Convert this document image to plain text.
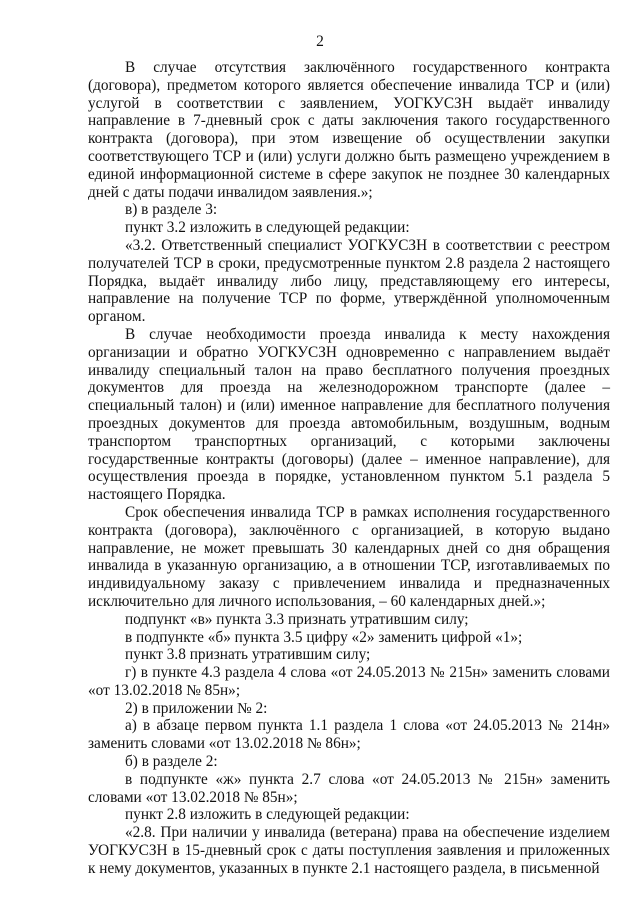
2

В случае отсутствия заключённого государственного контракта (договора), предметом которого является обеспечение инвалида ТСР и (или) услугой в соответствии с заявлением, УОГКУСЗН выдаёт инвалиду направление в 7-дневный срок с даты заключения такого государственного контракта (договора), при этом извещение об осуществлении закупки соответствующего ТСР и (или) услуги должно быть размещено учреждением в единой информационной системе в сфере закупок не позднее 30 календарных дней с даты подачи инвалидом заявления.»;

в) в разделе 3:

пункт 3.2 изложить в следующей редакции:

«3.2. Ответственный специалист УОГКУСЗН в соответствии с реестром получателей ТСР в сроки, предусмотренные пунктом 2.8 раздела 2 настоящего Порядка, выдаёт инвалиду либо лицу, представляющему его интересы, направление на получение ТСР по форме, утверждённой уполномоченным органом.

В случае необходимости проезда инвалида к месту нахождения организации и обратно УОГКУСЗН одновременно с направлением выдаёт инвалиду специальный талон на право бесплатного получения проездных документов для проезда на железнодорожном транспорте (далее – специальный талон) и (или) именное направление для бесплатного получения проездных документов для проезда автомобильным, воздушным, водным транспортом транспортных организаций, с которыми заключены государственные контракты (договоры) (далее – именное направление), для осуществления проезда в порядке, установленном пунктом 5.1 раздела 5 настоящего Порядка.

Срок обеспечения инвалида ТСР в рамках исполнения государственного контракта (договора), заключённого с организацией, в которую выдано направление, не может превышать 30 календарных дней со дня обращения инвалида в указанную организацию, а в отношении ТСР, изготавливаемых по индивидуальному заказу с привлечением инвалида и предназначенных исключительно для личного использования, – 60 календарных дней.»;

подпункт «в» пункта 3.3 признать утратившим силу;

в подпункте «б» пункта 3.5 цифру «2» заменить цифрой «1»;

пункт 3.8 признать утратившим силу;

г) в пункте 4.3 раздела 4 слова «от 24.05.2013 № 215н» заменить словами «от 13.02.2018 № 85н»;

2) в приложении № 2:

а) в абзаце первом пункта 1.1 раздела 1 слова «от 24.05.2013 № 214н» заменить словами «от 13.02.2018 № 86н»;

б) в разделе 2:

в подпункте «ж» пункта 2.7 слова «от 24.05.2013 № 215н» заменить словами «от 13.02.2018 № 85н»;

пункт 2.8 изложить в следующей редакции:

«2.8. При наличии у инвалида (ветерана) права на обеспечение изделием УОГКУСЗН в 15-дневный срок с даты поступления заявления и приложенных к нему документов, указанных в пункте 2.1 настоящего раздела, в письменной
